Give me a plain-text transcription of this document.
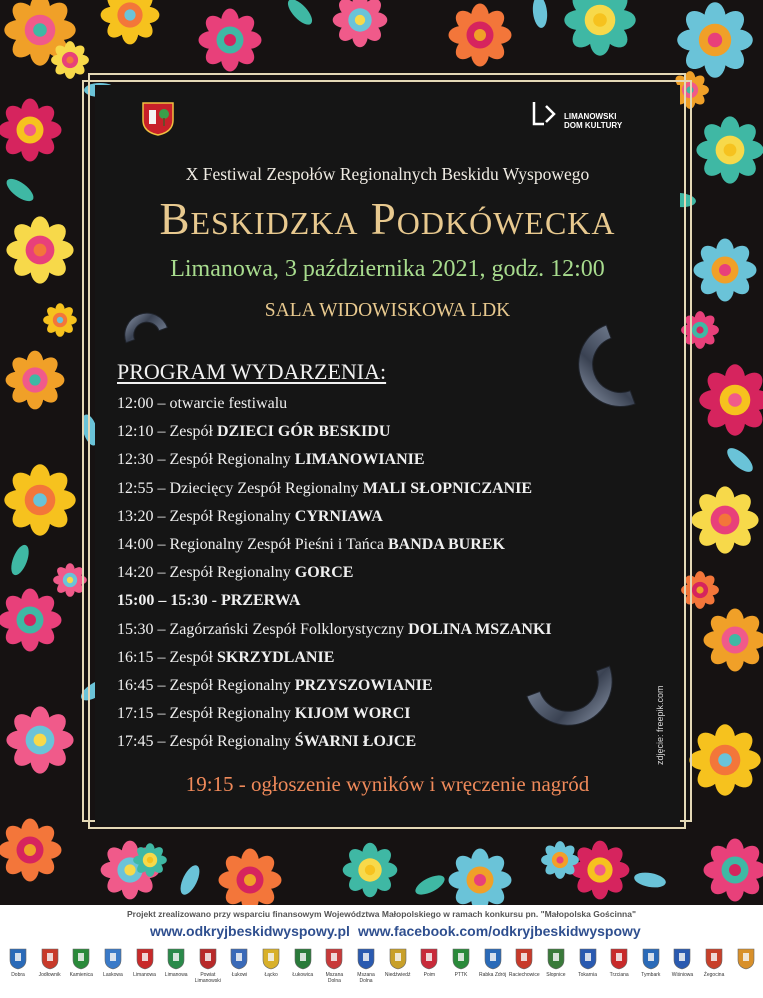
LIMANOWSKI
DOM KULTURY
X Festiwal Zespołów Regionalnych Beskidu Wyspowego
Beskidzka Podkówecka
Limanowa, 3 października 2021, godz. 12:00
SALA WIDOWISKOWA LDK
PROGRAM WYDARZENIA:
12:00 – otwarcie festiwalu
12:10 – Zespół DZIECI GÓR BESKIDU
12:30 – Zespół Regionalny LIMANOWIANIE
12:55 – Dziecięcy Zespół Regionalny MALI SŁOPNICZANIE
13:20 – Zespół Regionalny CYRNIAWA
14:00 – Regionalny Zespół Pieśni i Tańca BANDA BUREK
14:20 – Zespół Regionalny GORCE
15:00 – 15:30 - PRZERWA
15:30 – Zagórzański Zespół Folklorystyczny DOLINA MSZANKI
16:15 – Zespół SKRZYDLANIE
16:45 – Zespół Regionalny PRZYSZOWIANIE
17:15 – Zespół Regionalny KIJOM WORCI
17:45 – Zespół Regionalny ŚWARNI ŁOJCE	zdjęcie: freepik.com
19:15 - ogłoszenie wyników i wręczenie nagród
Projekt zrealizowano przy wsparciu finansowym Województwa Małopolskiego w ramach konkursu pn. "Małopolska Gościnna"
www.odkryjbeskidwyspowy.pl www.facebook.com/odkryjbeskidwyspowy
Dobra	Jodłownik Kamienica Laskowa Limanowa Limanowa	Powiat Limanowski
Łukowi	Łącko	Łukowica	Mszana Dolna
Mszana Dolna
Niedźwiedź	Poim	PTTK Rabka Zdrój Raciechowice Słopnice	Tokarnia	Trzciana	Tymbark Wiśniowa Żegocina
